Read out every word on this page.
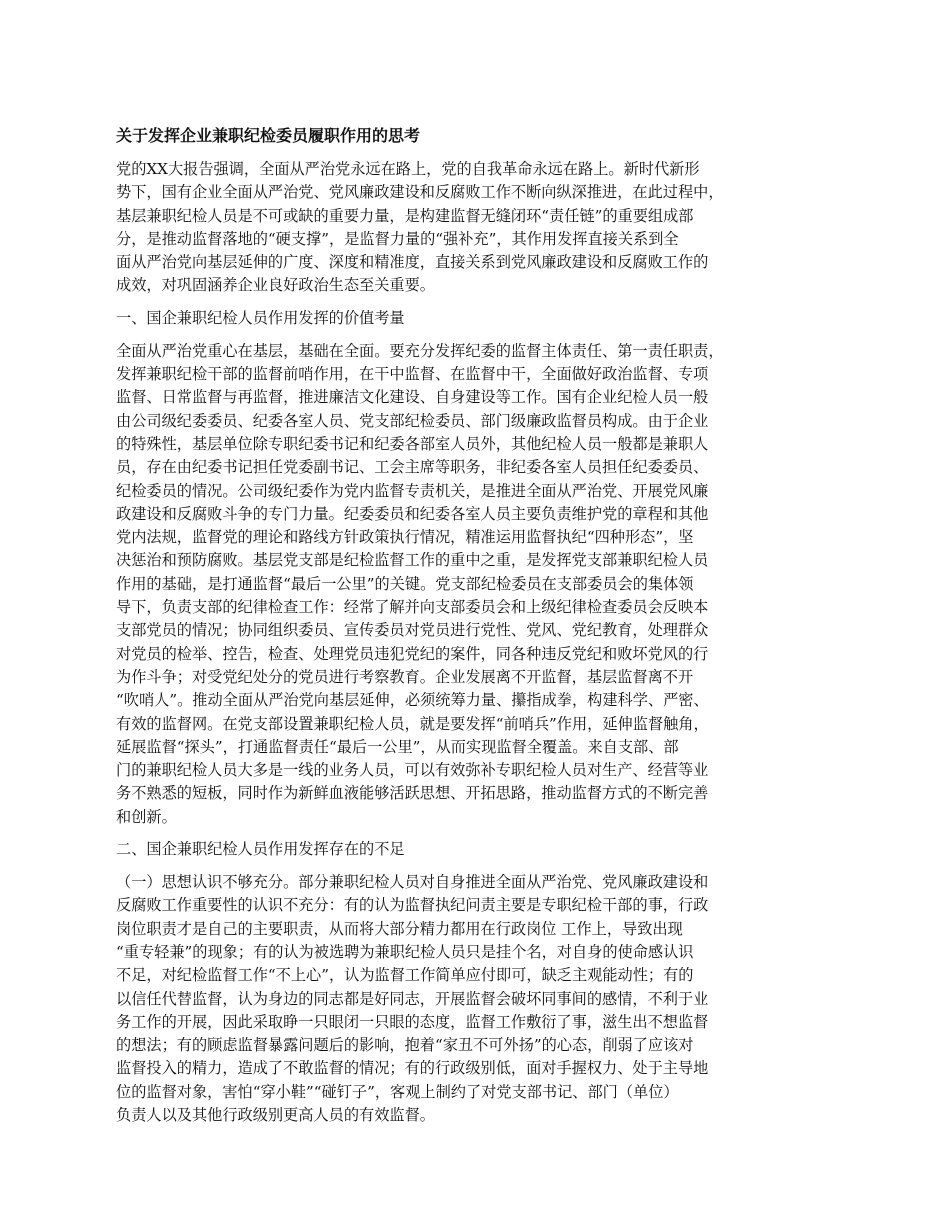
关于发挥企业兼职纪检委员履职作用的思考
党的XX大报告强调，全面从严治党永远在路上，党的自我革命永远在路上。新时代新形
势下，国有企业全面从严治党、党风廉政建设和反腐败工作不断向纵深推进，在此过程中，
基层兼职纪检人员是不可或缺的重要力量，是构建监督无缝闭环“责任链”的重要组成部
分，是推动监督落地的“硬支撑”，是监督力量的“强补充”，其作用发挥直接关系到全
面从严治党向基层延伸的广度、深度和精准度，直接关系到党风廉政建设和反腐败工作的
成效，对巩固涵养企业良好政治生态至关重要。
一、国企兼职纪检人员作用发挥的价值考量
全面从严治党重心在基层，基础在全面。要充分发挥纪委的监督主体责任、第一责任职责，
发挥兼职纪检干部的监督前哨作用，在干中监督、在监督中干，全面做好政治监督、专项
监督、日常监督与再监督，推进廉洁文化建设、自身建设等工作。国有企业纪检人员一般
由公司级纪委委员、纪委各室人员、党支部纪检委员、部门级廉政监督员构成。由于企业
的特殊性，基层单位除专职纪委书记和纪委各部室人员外，其他纪检人员一般都是兼职人
员，存在由纪委书记担任党委副书记、工会主席等职务，非纪委各室人员担任纪委委员、
纪检委员的情况。公司级纪委作为党内监督专责机关，是推进全面从严治党、开展党风廉
政建设和反腐败斗争的专门力量。纪委委员和纪委各室人员主要负责维护党的章程和其他
党内法规，监督党的理论和路线方针政策执行情况，精准运用监督执纪“四种形态”，坚
决惩治和预防腐败。基层党支部是纪检监督工作的重中之重，是发挥党支部兼职纪检人员
作用的基础，是打通监督“最后一公里”的关键。党支部纪检委员在支部委员会的集体领
导下，负责支部的纪律检查工作：经常了解并向支部委员会和上级纪律检查委员会反映本
支部党员的情况；协同组织委员、宣传委员对党员进行党性、党风、党纪教育，处理群众
对党员的检举、控告，检查、处理党员违犯党纪的案件，同各种违反党纪和败坏党风的行
为作斗争；对受党纪处分的党员进行考察教育。企业发展离不开监督，基层监督离不开
“吹哨人”。推动全面从严治党向基层延伸，必须统筹力量、攥指成拳，构建科学、严密、
有效的监督网。在党支部设置兼职纪检人员，就是要发挥“前哨兵”作用，延伸监督触角，
延展监督“探头”，打通监督责任“最后一公里”，从而实现监督全覆盖。来自支部、部
门的兼职纪检人员大多是一线的业务人员，可以有效弥补专职纪检人员对生产、经营等业
务不熟悉的短板，同时作为新鲜血液能够活跃思想、开拓思路，推动监督方式的不断完善
和创新。
二、国企兼职纪检人员作用发挥存在的不足
（一）思想认识不够充分。部分兼职纪检人员对自身推进全面从严治党、党风廉政建设和
反腐败工作重要性的认识不充分：有的认为监督执纪问责主要是专职纪检干部的事，行政
岗位职责才是自己的主要职责，从而将大部分精力都用在行政岗位 工作上，导致出现
“重专轻兼”的现象；有的认为被选聘为兼职纪检人员只是挂个名，对自身的使命感认识
不足，对纪检监督工作“不上心”，认为监督工作简单应付即可，缺乏主观能动性；有的
以信任代替监督，认为身边的同志都是好同志，开展监督会破坏同事间的感情，不利于业
务工作的开展，因此采取睁一只眼闭一只眼的态度，监督工作敷衍了事，滋生出不想监督
的想法；有的顾虑监督暴露问题后的影响，抱着“家丑不可外扬”的心态，削弱了应该对
监督投入的精力，造成了不敢监督的情况；有的行政级别低，面对手握权力、处于主导地
位的监督对象，害怕“穿小鞋”“碰钉子”，客观上制约了对党支部书记、部门（单位）
负责人以及其他行政级别更高人员的有效监督。
